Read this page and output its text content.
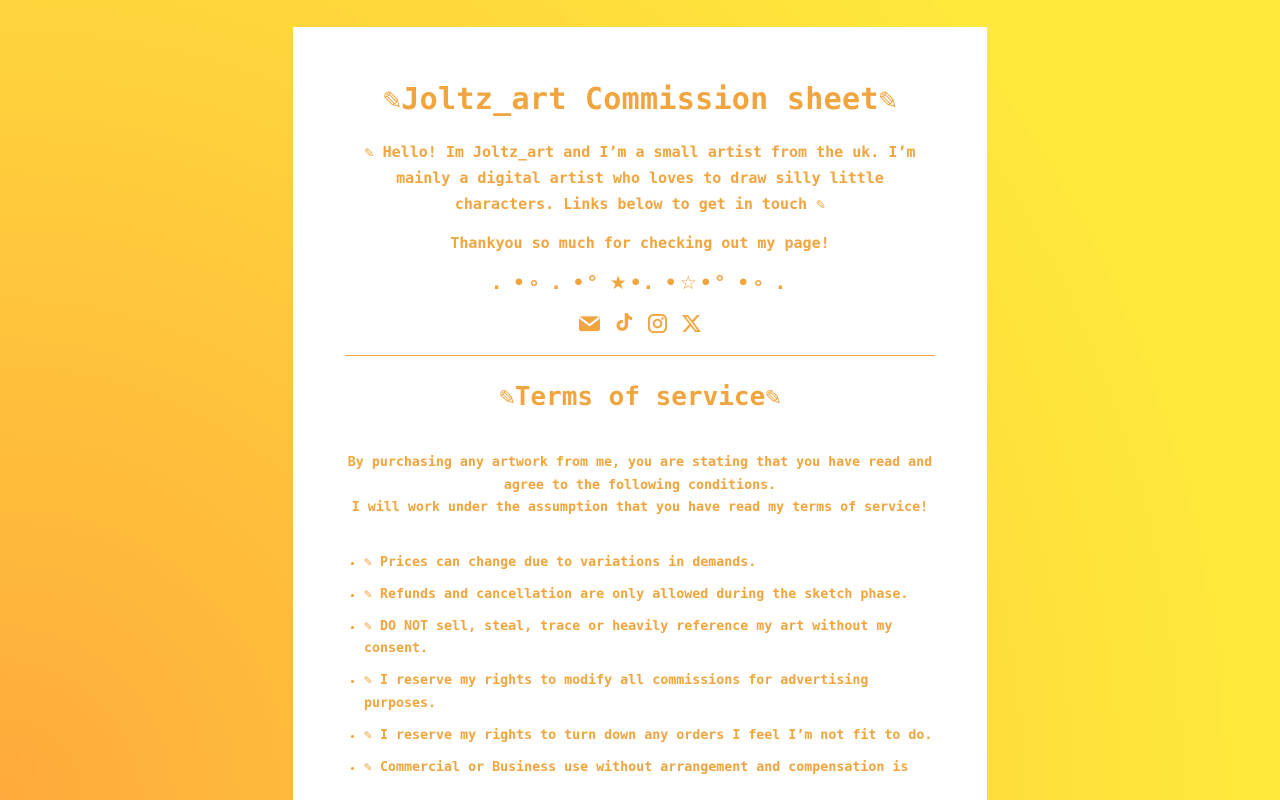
✎Joltz_art Commission sheet✎

✎ Hello! Im Joltz_art and I’m a small artist from the uk. I’m mainly a digital artist who loves to draw silly little characters. Links below to get in touch ✎

Thankyou so much for checking out my page!

. •∘ . •° ★•. •☆•° •∘ .
✎Terms of service✎

By purchasing any artwork from me, you are stating that you have read and agree to the following conditions.
I will work under the assumption that you have read my terms of service!

• ✎ Prices can change due to variations in demands.
• ✎ Refunds and cancellation are only allowed during the sketch phase.
• ✎ DO NOT sell, steal, trace or heavily reference my art without my consent.
• ✎ I reserve my rights to modify all commissions for advertising purposes.
• ✎ I reserve my rights to turn down any orders I feel I’m not fit to do.
• ✎ Commercial or Business use without arrangement and compensation is
